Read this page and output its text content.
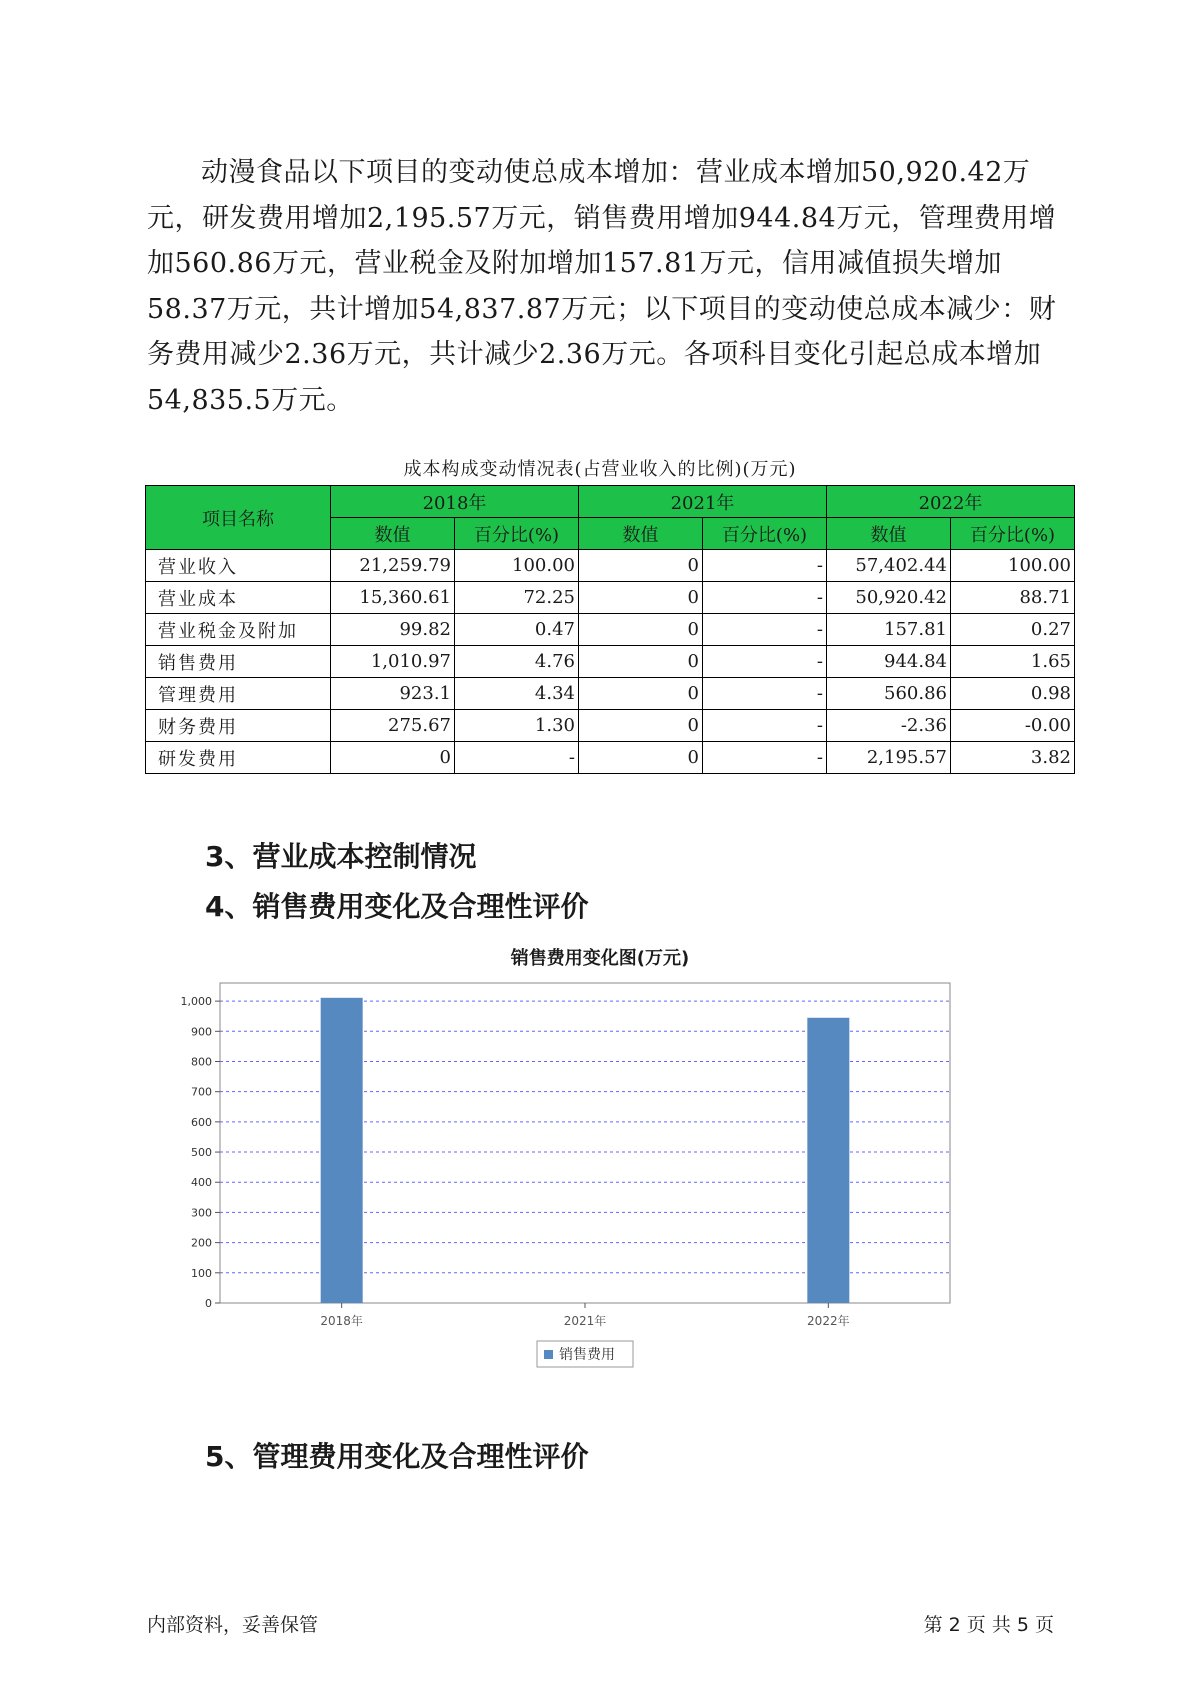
动漫食品以下项目的变动使总成本增加：营业成本增加50,920.42万元，研发费用增加2,195.57万元，销售费用增加944.84万元，管理费用增加560.86万元，营业税金及附加增加157.81万元，信用减值损失增加58.37万元，共计增加54,837.87万元；以下项目的变动使总成本减少：财务费用减少2.36万元，共计减少2.36万元。各项科目变化引起总成本增加54,835.5万元。

成本构成变动情况表(占营业收入的比例)(万元)
项目名称	2018年		2021年		2022年	
	数值	百分比(%)	数值	百分比(%)	数值	百分比(%)
营业收入	21,259.79	100.00	0	-	57,402.44	100.00
营业成本	15,360.61	72.25	0	-	50,920.42	88.71
营业税金及附加	99.82	0.47	0	-	157.81	0.27
销售费用	1,010.97	4.76	0	-	944.84	1.65
管理费用	923.1	4.34	0	-	560.86	0.98
财务费用	275.67	1.30	0	-	-2.36	-0.00
研发费用	0	-	0	-	2,195.57	3.82
3、营业成本控制情况
4、销售费用变化及合理性评价
销售费用变化图(万元)
0
100
200
300
400
500
600
700
800
900
1,000
2018年	2021年	2022年
销售费用
5、管理费用变化及合理性评价
内部资料，妥善保管	第 2 页 共 5 页
